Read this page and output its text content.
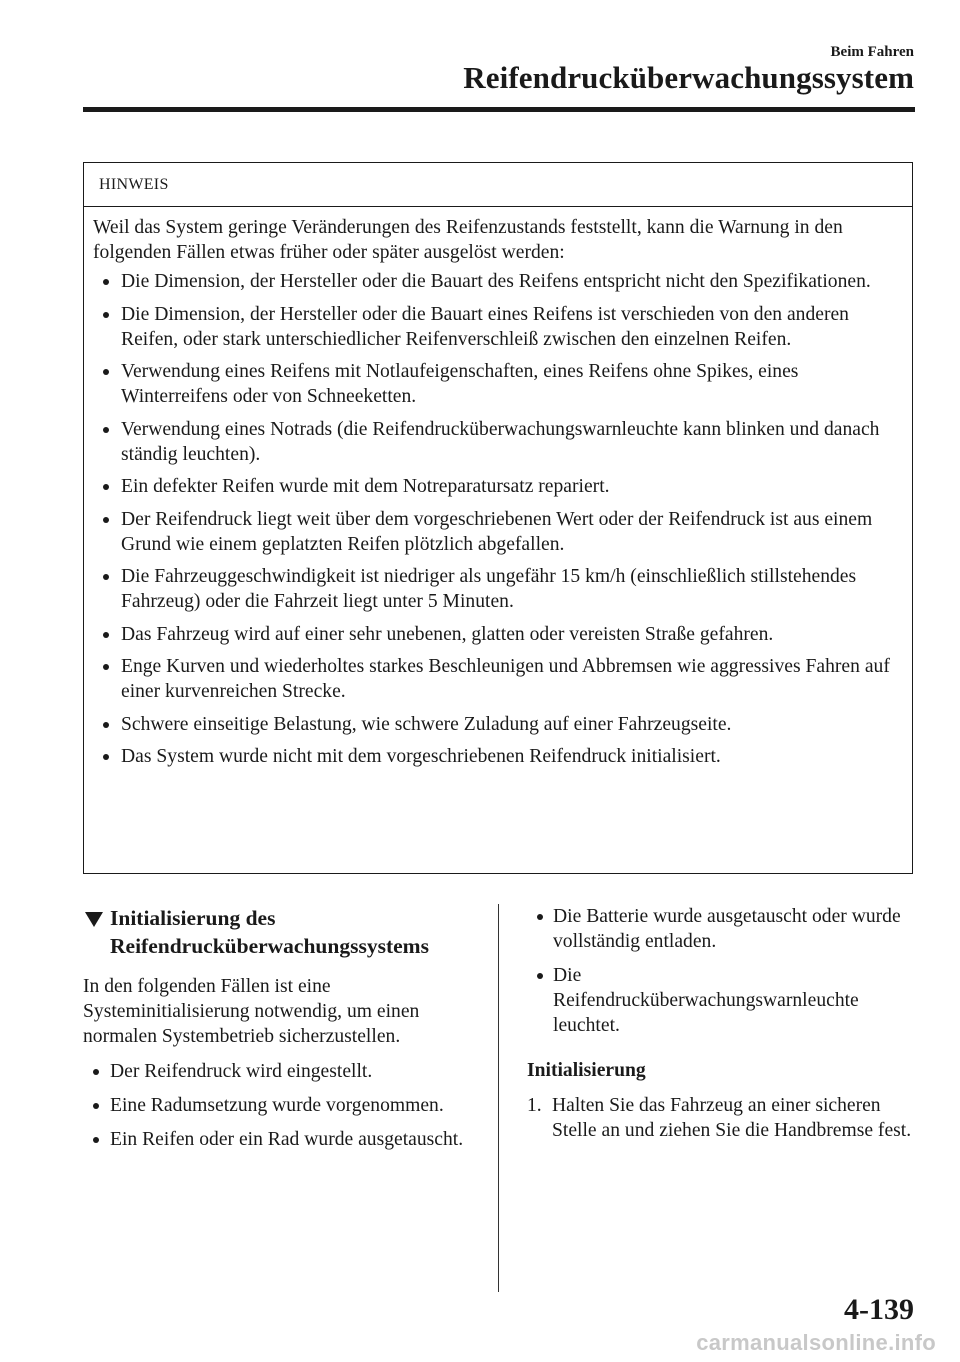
Beim Fahren
Reifendrucküberwachungssystem
HINWEIS
Weil das System geringe Veränderungen des Reifenzustands feststellt, kann die Warnung in den folgenden Fällen etwas früher oder später ausgelöst werden:
Die Dimension, der Hersteller oder die Bauart des Reifens entspricht nicht den Spezifikationen.
Die Dimension, der Hersteller oder die Bauart eines Reifens ist verschieden von den anderen Reifen, oder stark unterschiedlicher Reifenverschleiß zwischen den einzelnen Reifen.
Verwendung eines Reifens mit Notlaufeigenschaften, eines Reifens ohne Spikes, eines Winterreifens oder von Schneeketten.
Verwendung eines Notrads (die Reifendrucküberwachungswarnleuchte kann blinken und danach ständig leuchten).
Ein defekter Reifen wurde mit dem Notreparatursatz repariert.
Der Reifendruck liegt weit über dem vorgeschriebenen Wert oder der Reifendruck ist aus einem Grund wie einem geplatzten Reifen plötzlich abgefallen.
Die Fahrzeuggeschwindigkeit ist niedriger als ungefähr 15 km/h (einschließlich stillstehendes Fahrzeug) oder die Fahrzeit liegt unter 5 Minuten.
Das Fahrzeug wird auf einer sehr unebenen, glatten oder vereisten Straße gefahren.
Enge Kurven und wiederholtes starkes Beschleunigen und Abbremsen wie aggressives Fahren auf einer kurvenreichen Strecke.
Schwere einseitige Belastung, wie schwere Zuladung auf einer Fahrzeugseite.
Das System wurde nicht mit dem vorgeschriebenen Reifendruck initialisiert.
Initialisierung des
Reifendrucküberwachungssystems
In den folgenden Fällen ist eine Systeminitialisierung notwendig, um einen normalen Systembetrieb sicherzustellen.
Der Reifendruck wird eingestellt.
Eine Radumsetzung wurde vorgenommen.
Ein Reifen oder ein Rad wurde ausgetauscht.
Die Batterie wurde ausgetauscht oder wurde vollständig entladen.
Die
Reifendrucküberwachungswarnleuchte
leuchtet.
Initialisierung
1. Halten Sie das Fahrzeug an einer sicheren Stelle an und ziehen Sie die Handbremse fest.
4-139
carmanualsonline.info
